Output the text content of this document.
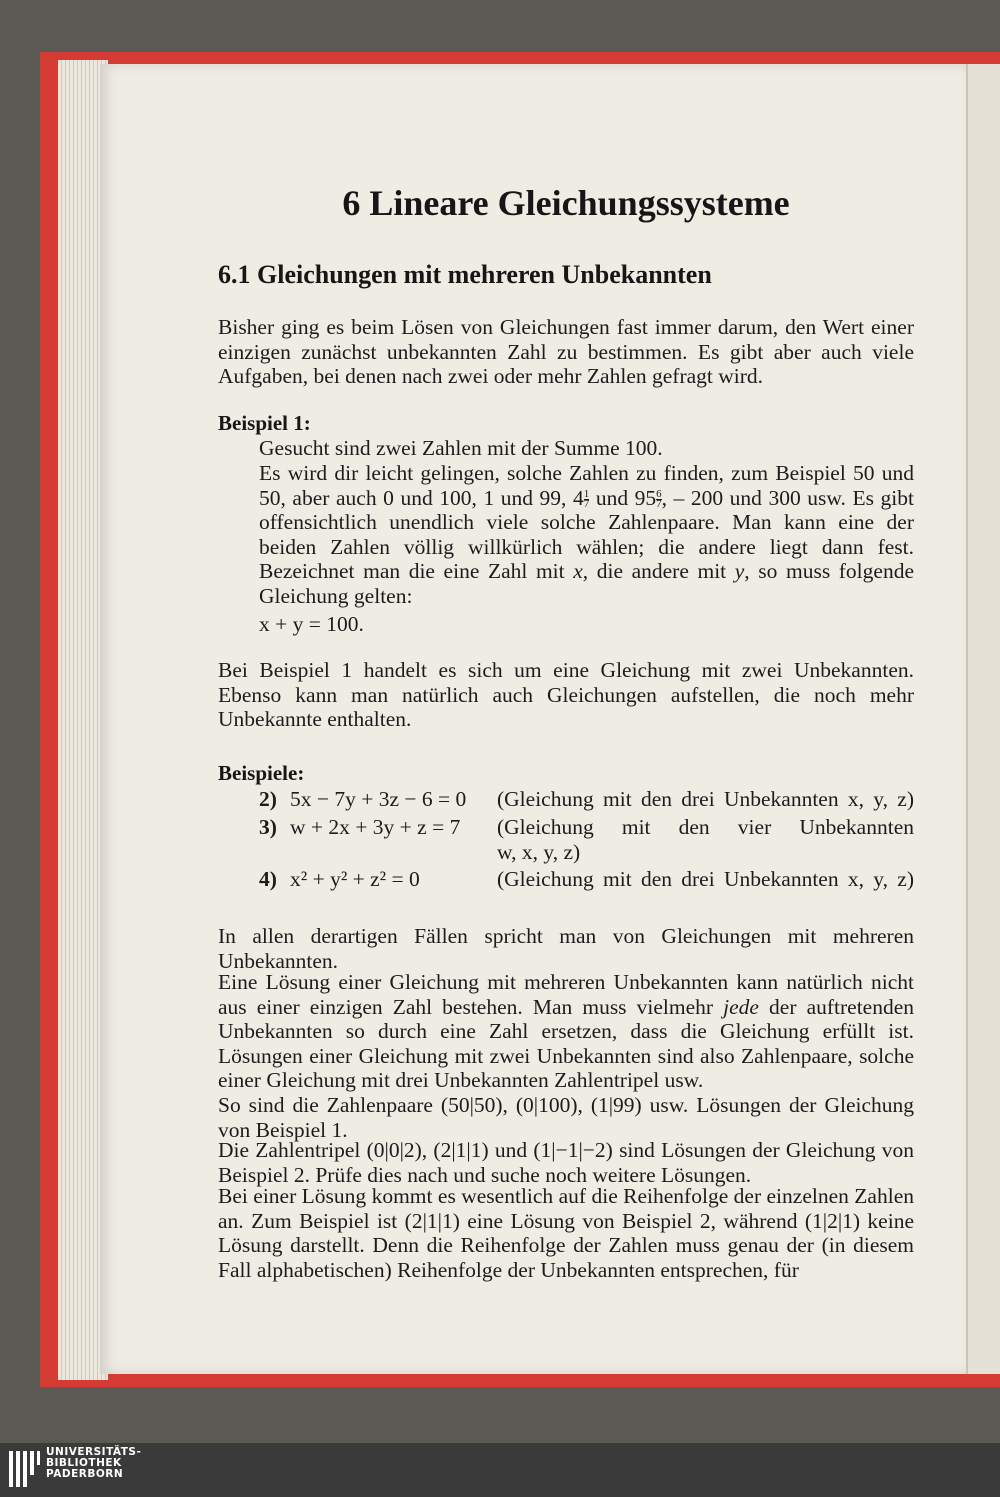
6 Lineare Gleichungssysteme
6.1 Gleichungen mit mehreren Unbekannten

Bisher ging es beim Lösen von Gleichungen fast immer darum, den Wert einer einzigen zunächst unbekannten Zahl zu bestimmen. Es gibt aber auch viele Aufgaben, bei denen nach zwei oder mehr Zahlen gefragt wird.

Beispiel 1:

Gesucht sind zwei Zahlen mit der Summe 100.

Es wird dir leicht gelingen, solche Zahlen zu finden, zum Beispiel 50 und 50, aber auch 0 und 100, 1 und 99, $4 \frac{1}{7}$ und $95 \frac{6}{7}$ , – 200 und 300 usw. Es gibt offensichtlich unendlich viele solche Zahlenpaare. Man kann eine der beiden Zahlen völlig willkürlich wählen; die andere liegt dann fest. Bezeichnet man die eine Zahl mit x, die andere mit y, so muss folgende Gleichung gelten:

x + y = 100.

Bei Beispiel 1 handelt es sich um eine Gleichung mit zwei Unbekannten. Ebenso kann man natürlich auch Gleichungen aufstellen, die noch mehr Unbekannte enthalten.

Beispiele:

2) 5x − 7y + 3z − 6 = 0 (Gleichung mit den drei Unbekannten x, y, z)
3) w + 2x + 3y + z = 7 (Gleichung mit den vier Unbekannten
w, x, y, z)
4) x² + y² + z² = 0	(Gleichung mit den drei Unbekannten x, y, z)

In allen derartigen Fällen spricht man von Gleichungen mit mehreren Unbekannten.

Eine Lösung einer Gleichung mit mehreren Unbekannten kann natürlich nicht aus einer einzigen Zahl bestehen. Man muss vielmehr jede der auftretenden Unbekannten so durch eine Zahl ersetzen, dass die Gleichung erfüllt ist. Lösungen einer Gleichung mit zwei Unbekannten sind also Zahlenpaare, solche einer Gleichung mit drei Unbekannten Zahlentripel usw.

So sind die Zahlenpaare (50|50), (0|100), (1|99) usw. Lösungen der Gleichung von Beispiel 1.

Die Zahlentripel (0|0|2), (2|1|1) und (1|−1|−2) sind Lösungen der Gleichung von Beispiel 2. Prüfe dies nach und suche noch weitere Lösungen.

Bei einer Lösung kommt es wesentlich auf die Reihenfolge der einzelnen Zahlen an. Zum Beispiel ist (2|1|1) eine Lösung von Beispiel 2, während (1|2|1) keine Lösung darstellt. Denn die Reihenfolge der Zahlen muss genau der (in diesem Fall alphabetischen) Reihenfolge der Unbekannten entsprechen, für

UNIVERSITÄTS-
BIBLIOTHEK
PADERBORN
